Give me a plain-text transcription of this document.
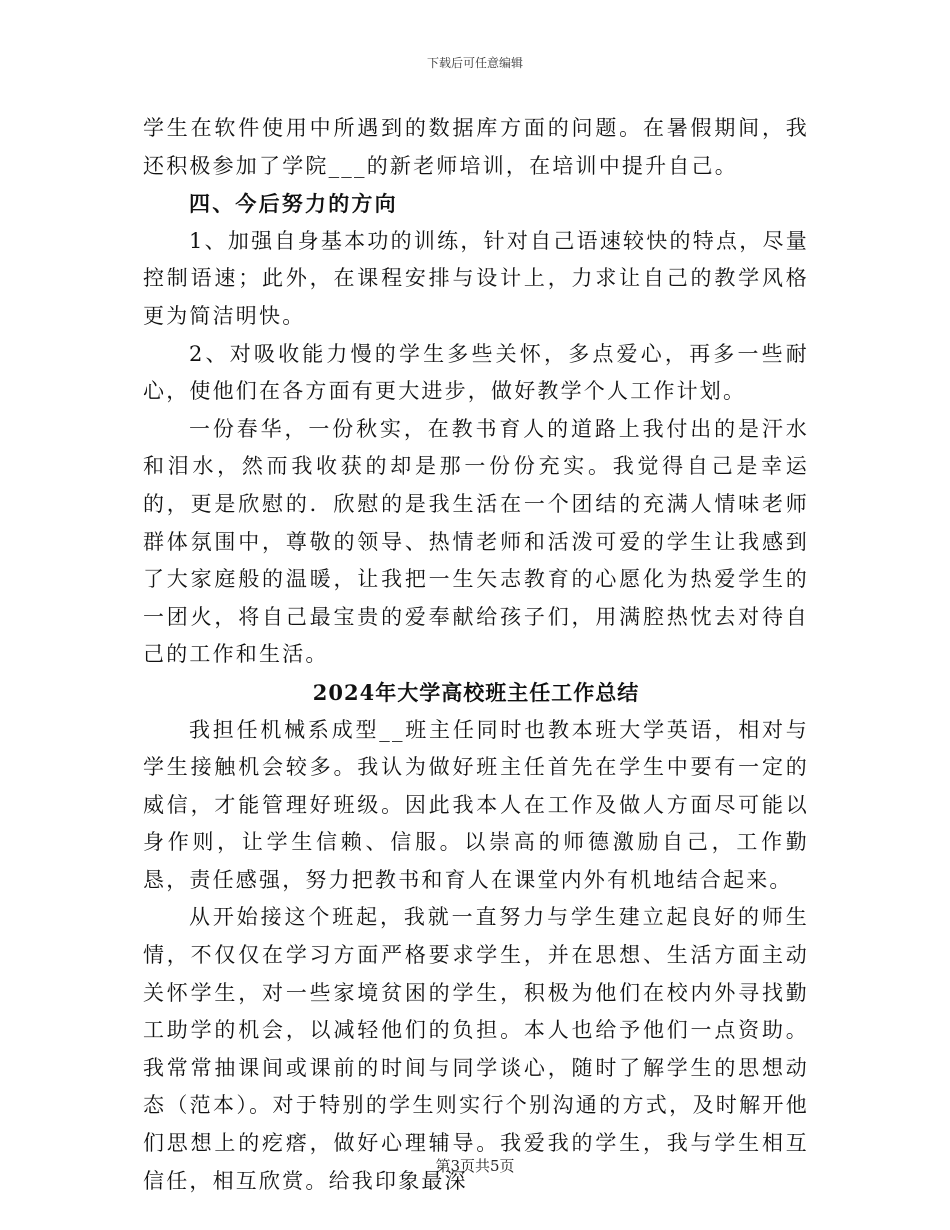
下载后可任意编辑

学生在软件使用中所遇到的数据库方面的问题。在暑假期间，我还积极参加了学院___的新老师培训，在培训中提升自己。

四、今后努力的方向

1、加强自身基本功的训练，针对自己语速较快的特点，尽量控制语速；此外，在课程安排与设计上，力求让自己的教学风格更为简洁明快。

2、对吸收能力慢的学生多些关怀，多点爱心，再多一些耐心，使他们在各方面有更大进步，做好教学个人工作计划。

一份春华，一份秋实，在教书育人的道路上我付出的是汗水和泪水，然而我收获的却是那一份份充实。我觉得自己是幸运的，更是欣慰的．欣慰的是我生活在一个团结的充满人情味老师群体氛围中，尊敬的领导、热情老师和活泼可爱的学生让我感到了大家庭般的温暖，让我把一生矢志教育的心愿化为热爱学生的一团火，将自己最宝贵的爱奉献给孩子们，用满腔热忱去对待自己的工作和生活。

2024年大学高校班主任工作总结

我担任机械系成型__班主任同时也教本班大学英语，相对与学生接触机会较多。我认为做好班主任首先在学生中要有一定的威信，才能管理好班级。因此我本人在工作及做人方面尽可能以身作则，让学生信赖、信服。以崇高的师德激励自己，工作勤恳，责任感强，努力把教书和育人在课堂内外有机地结合起来。

从开始接这个班起，我就一直努力与学生建立起良好的师生情，不仅仅在学习方面严格要求学生，并在思想、生活方面主动关怀学生，对一些家境贫困的学生，积极为他们在校内外寻找勤工助学的机会，以减轻他们的负担。本人也给予他们一点资助。我常常抽课间或课前的时间与同学谈心，随时了解学生的思想动态（范本）。对于特别的学生则实行个别沟通的方式，及时解开他们思想上的疙瘩，做好心理辅导。我爱我的学生，我与学生相互信任，相互欣赏。给我印象最深

第3页共5页
